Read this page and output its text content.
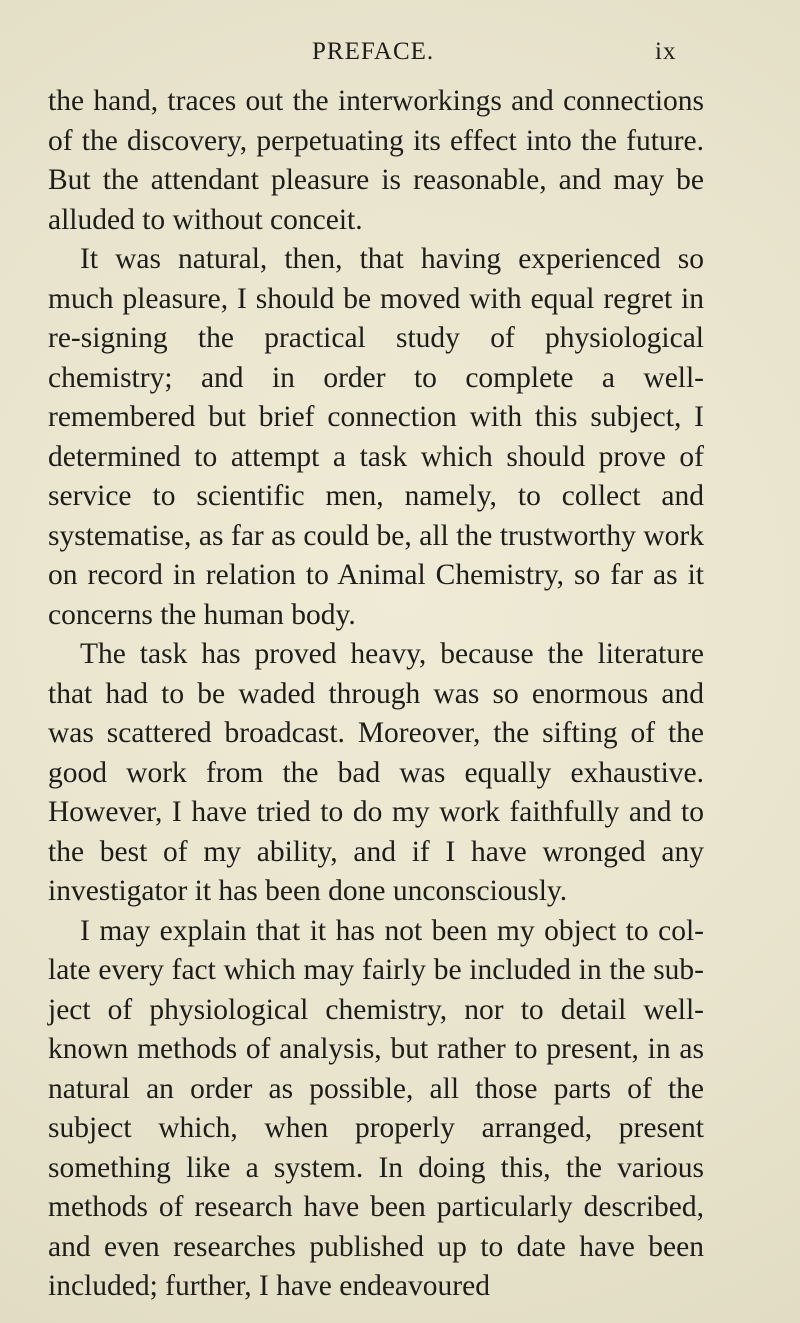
PREFACE.	ix

the hand, traces out the interworkings and connections of the discovery, perpetuating its effect into the future. But the attendant pleasure is reasonable, and may be alluded to without conceit.

It was natural, then, that having experienced so much pleasure, I should be moved with equal regret in re-signing the practical study of physiological chemistry; and in order to complete a well-remembered but brief connection with this subject, I determined to attempt a task which should prove of service to scientific men, namely, to collect and systematise, as far as could be, all the trustworthy work on record in relation to Animal Chemistry, so far as it concerns the human body.

The task has proved heavy, because the literature that had to be waded through was so enormous and was scattered broadcast. Moreover, the sifting of the good work from the bad was equally exhaustive. However, I have tried to do my work faithfully and to the best of my ability, and if I have wronged any investigator it has been done unconsciously.

I may explain that it has not been my object to col-late every fact which may fairly be included in the sub-ject of physiological chemistry, nor to detail well-known methods of analysis, but rather to present, in as natural an order as possible, all those parts of the subject which, when properly arranged, present something like a system. In doing this, the various methods of research have been particularly described, and even researches published up to date have been included; further, I have endeavoured
